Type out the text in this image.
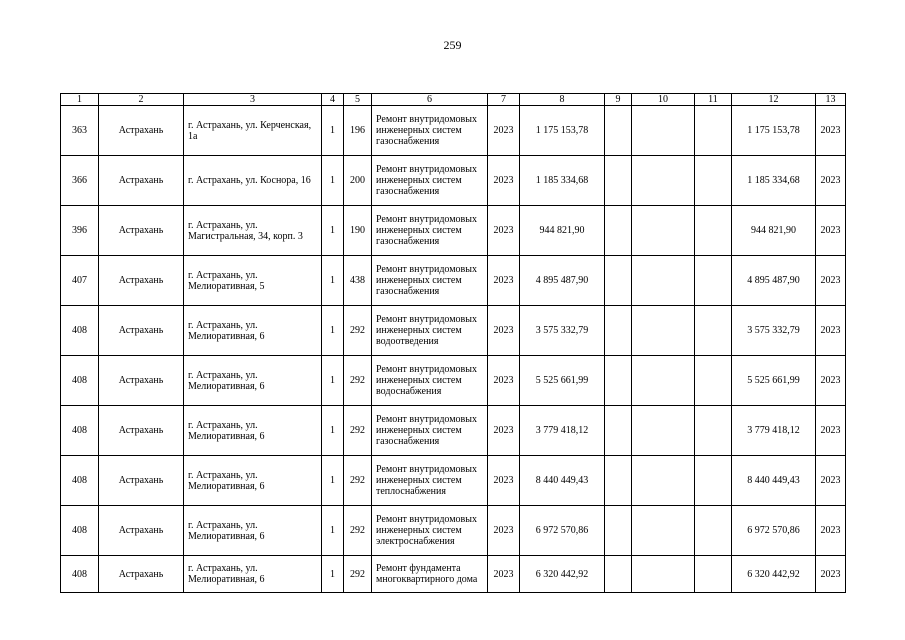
259
1	2	3	4	5	6	7	8	9	10	11	12	13
363	Астрахань	г. Астрахань, ул. Керченская, 1а	1	196	Ремонт внутридомовых инженерных систем газоснабжения	2023	1 175 153,78				1 175 153,78	2023
366	Астрахань	г. Астрахань, ул. Коснора, 16	1	200	Ремонт внутридомовых инженерных систем газоснабжения	2023	1 185 334,68				1 185 334,68	2023
396	Астрахань	г. Астрахань, ул. Магистральная, 34, корп. 3	1	190	Ремонт внутридомовых инженерных систем газоснабжения	2023	944 821,90				944 821,90	2023
407	Астрахань	г. Астрахань, ул. Мелиоративная, 5	1	438	Ремонт внутридомовых инженерных систем газоснабжения	2023	4 895 487,90				4 895 487,90	2023
408	Астрахань	г. Астрахань, ул. Мелиоративная, 6	1	292	Ремонт внутридомовых инженерных систем водоотведения	2023	3 575 332,79				3 575 332,79	2023
408	Астрахань	г. Астрахань, ул. Мелиоративная, 6	1	292	Ремонт внутридомовых инженерных систем водоснабжения	2023	5 525 661,99				5 525 661,99	2023
408	Астрахань	г. Астрахань, ул. Мелиоративная, 6	1	292	Ремонт внутридомовых инженерных систем газоснабжения	2023	3 779 418,12				3 779 418,12	2023
408	Астрахань	г. Астрахань, ул. Мелиоративная, 6	1	292	Ремонт внутридомовых инженерных систем теплоснабжения	2023	8 440 449,43				8 440 449,43	2023
408	Астрахань	г. Астрахань, ул. Мелиоративная, 6	1	292	Ремонт внутридомовых инженерных систем электроснабжения	2023	6 972 570,86				6 972 570,86	2023
408	Астрахань	г. Астрахань, ул. Мелиоративная, 6	1	292	Ремонт фундамента многоквартирного дома	2023	6 320 442,92				6 320 442,92	2023
